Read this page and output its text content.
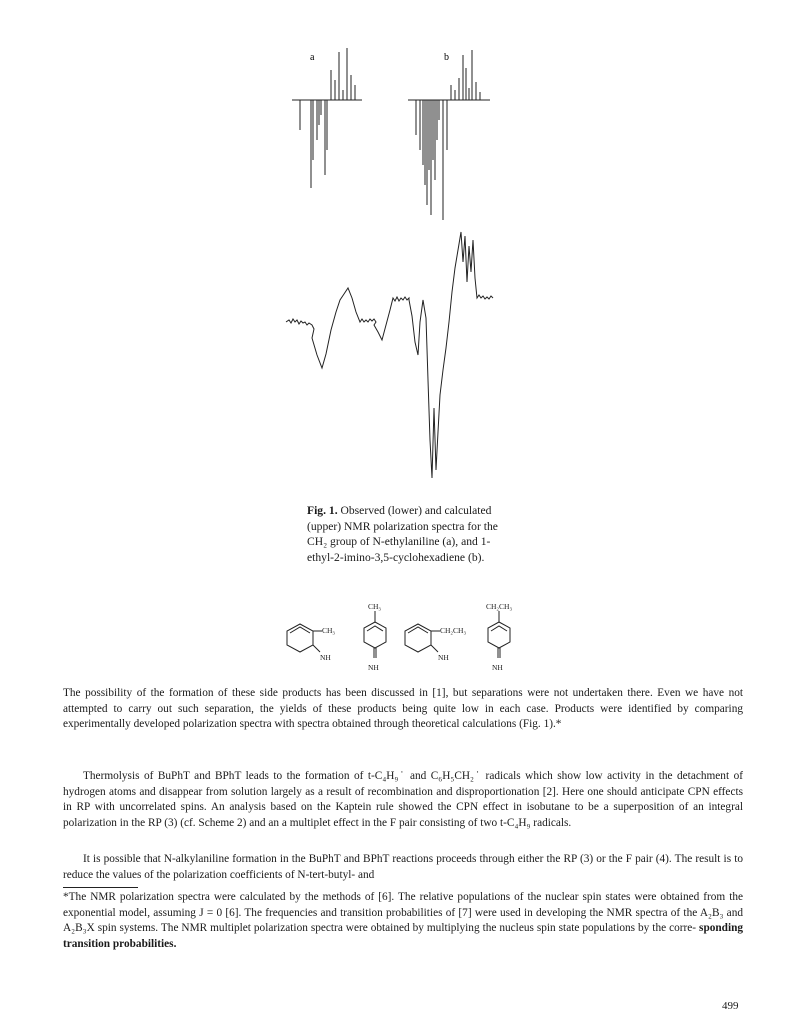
a	b
Fig. 1. Observed (lower) and calculated (upper) NMR polarization spectra for the CH₂ group of N-ethylaniline (a), and 1-ethyl-2-imino-3,5-cyclohexadiene (b).
CH₃
NH
CH₃
NH
CH₂CH₃
NH
CH₂CH₃
NH

The possibility of the formation of these side products has been discussed in [1], but separations were not undertaken there. Even we have not attempted to carry out such separation, the yields of these products being quite low in each case. Products were identified by comparing experimentally developed polarization spectra with spectra obtained through theoretical calculations (Fig. 1).*

Thermolysis of BuPhT and BPhT leads to the formation of t-C₄H₉˙ and C₆H₅CH₂˙ radicals which show low activity in the detachment of hydrogen atoms and disappear from solution largely as a result of recombination and disproportionation [2]. Here one should anticipate CPN effects in RP with uncorrelated spins. An analysis based on the Kaptein rule showed the CPN effect in isobutane to be a superposition of an integral polarization in the RP (3) (cf. Scheme 2) and an a multiplet effect in the F pair consisting of two t-C₄H₉ radicals.

It is possible that N-alkylaniline formation in the BuPhT and BPhT reactions proceeds through either the RP (3) or the F pair (4). The result is to reduce the values of the polarization coefficients of N-tert-butyl- and

*The NMR polarization spectra were calculated by the methods of [6]. The relative populations of the nuclear spin states were obtained from the exponential model, assuming J = 0 [6]. The frequencies and transition probabilities of [7] were used in developing the NMR spectra of the A₂B₃ and A₂B₃X spin systems. The NMR multiplet polarization spectra were obtained by multiplying the nucleus spin state populations by the corre- sponding transition probabilities.

499
